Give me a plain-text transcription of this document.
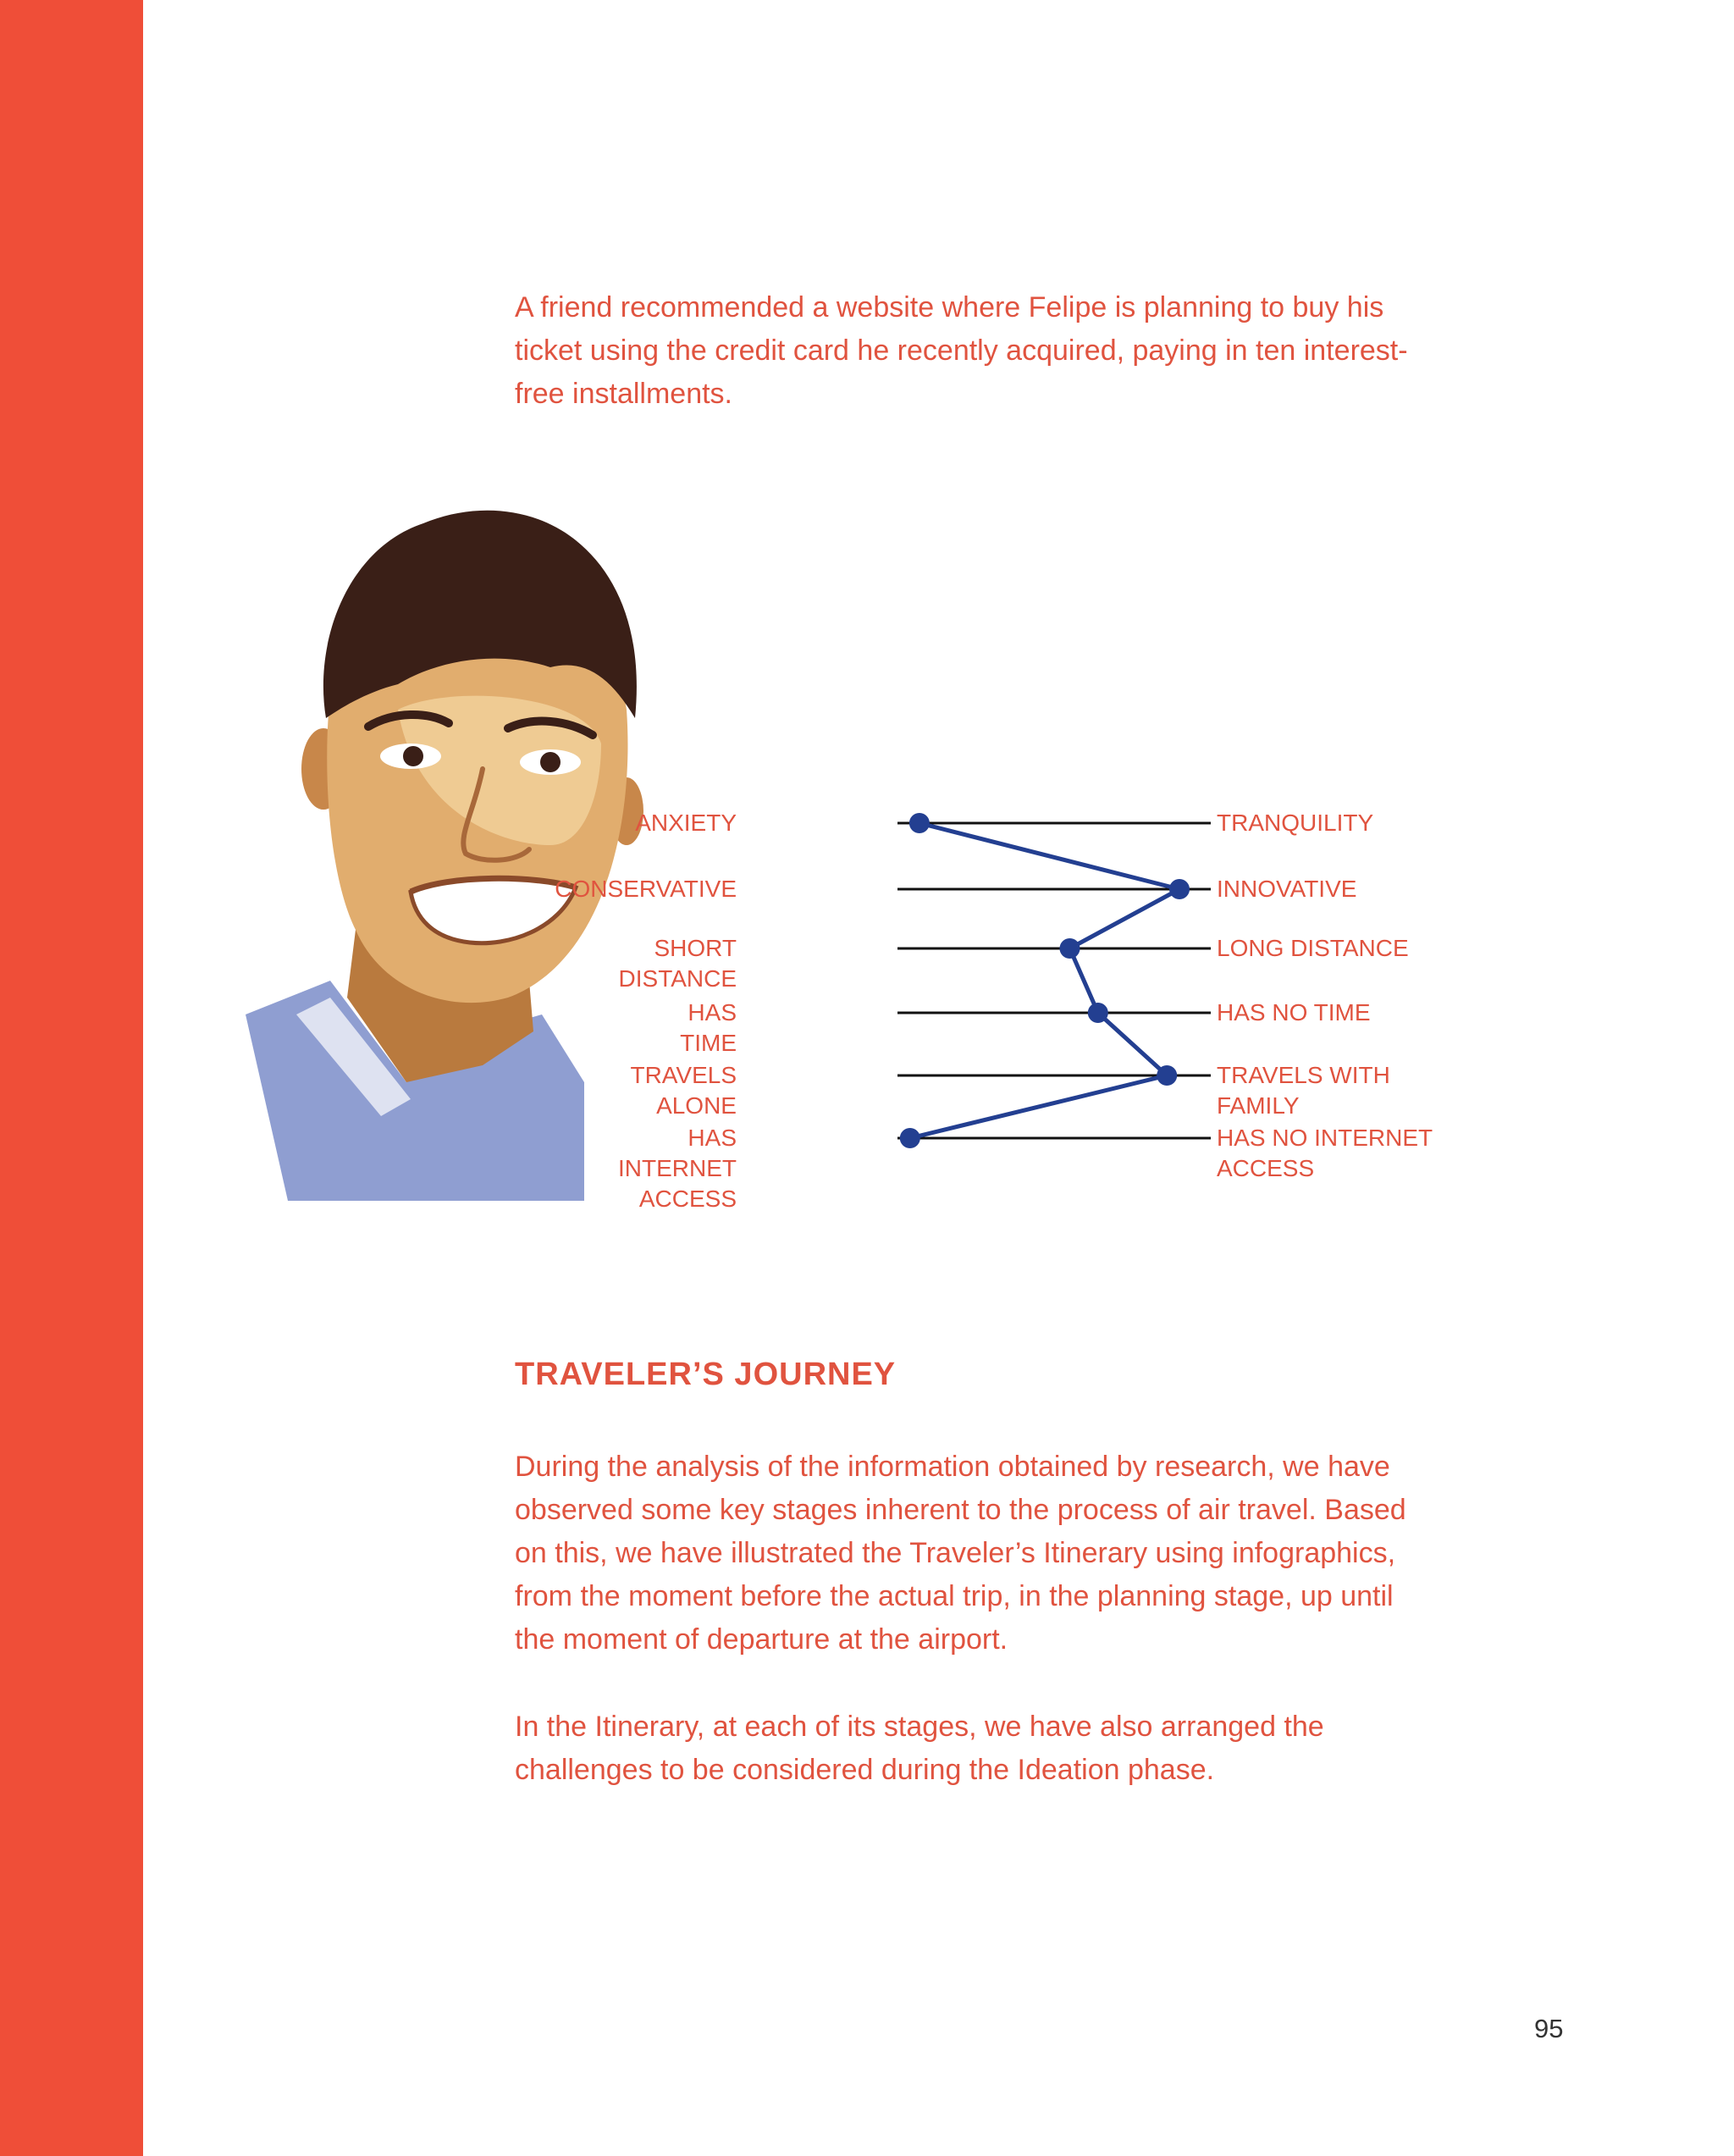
A friend recommended a website where Felipe is planning to buy his ticket using the credit card he recently acquired, paying in ten interest-free installments.

ANXIETY	TRANQUILITY
CONSERVATIVE	INNOVATIVE
SHORT DISTANCE
LONG DISTANCE
HAS TIME
HAS NO TIME
TRAVELS ALONE
TRAVELS WITH FAMILY
HAS INTERNET
ACCESS
HAS NO INTERNET
ACCESS
TRAVELER’S JOURNEY

During the analysis of the information obtained by research, we have observed some key stages inherent to the process of air travel. Based on this, we have illustrated the Traveler’s Itinerary using infographics, from the moment before the actual trip, in the planning stage, up until the moment of departure at the airport.

In the Itinerary, at each of its stages, we have also arranged the challenges to be considered during the Ideation phase.

95
